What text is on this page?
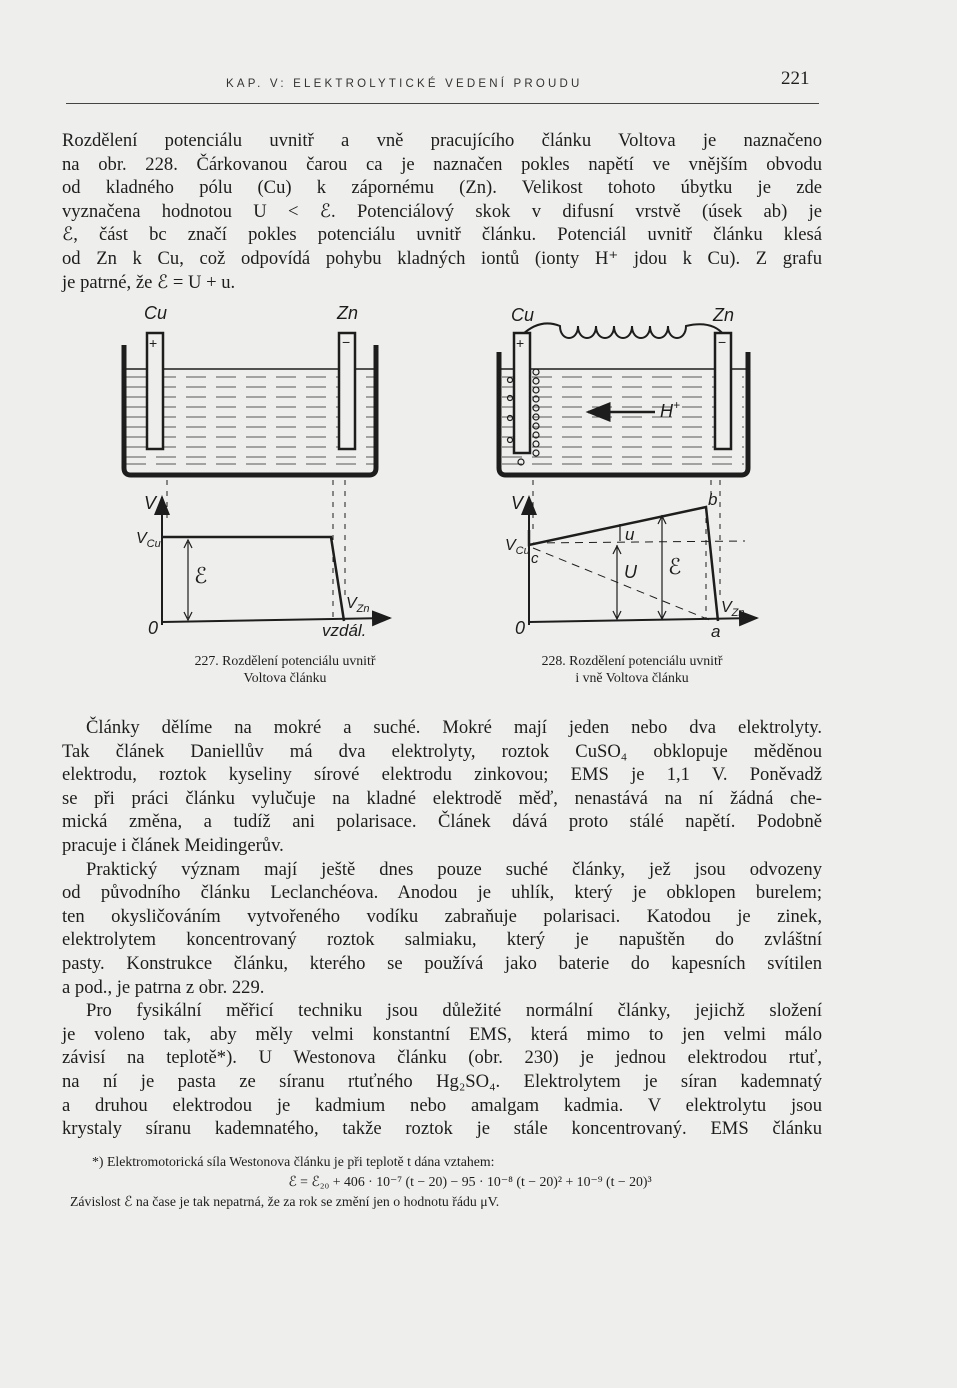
KAP. V: ELEKTROLYTICKÉ VEDENÍ PROUDU	221
Rozdělení potenciálu uvnitř a vně pracujícího článku Voltova je naznačeno
na obr. 228. Čárkovanou čarou ca je naznačen pokles napětí ve vnějším obvodu
od kladného pólu (Cu) k zápornému (Zn). Velikost tohoto úbytku je zde
vyznačena hodnotou U < ℰ. Potenciálový skok v difusní vrstvě (úsek ab) je
ℰ, část bc značí pokles potenciálu uvnitř článku. Potenciál uvnitř článku klesá
od Zn k Cu, což odpovídá pohybu kladných iontů (ionty H⁺ jdou k Cu). Z grafu
je patrné, že ℰ = U + u.
Cu	Zn
+	−
V
$V_{Cu}$
ℰ
$V_{Zn}$
0	vzdál.
Cu	Zn
+	−
H+
V	b
$V_{Cu}$ c
u
U ℰ
$V_{Zn}$
0	a
227. Rozdělení potenciálu uvnitř
Voltova článku
228. Rozdělení potenciálu uvnitř
i vně Voltova článku
Články dělíme na mokré a suché. Mokré mají jeden nebo dva elektrolyty.
Tak článek Daniellův má dva elektrolyty, roztok CuSO₄ obklopuje měděnou
elektrodu, roztok kyseliny sírové elektrodu zinkovou; EMS je 1,1 V. Poněvadž
se při práci článku vylučuje na kladné elektrodě měď, nenastává na ní žádná che-
mická změna, a tudíž ani polarisace. Článek dává proto stálé napětí. Podobně
pracuje i článek Meidingerův.
Praktický význam mají ještě dnes pouze suché články, jež jsou odvozeny
od původního článku Leclanchéova. Anodou je uhlík, který je obklopen burelem;
ten okysličováním vytvořeného vodíku zabraňuje polarisaci. Katodou je zinek,
elektrolytem koncentrovaný roztok salmiaku, který je napuštěn do zvláštní
pasty. Konstrukce článku, kterého se používá jako baterie do kapesních svítilen
a pod., je patrna z obr. 229.
Pro fysikální měřicí techniku jsou důležité normální články, jejichž složení
je voleno tak, aby měly velmi konstantní EMS, která mimo to jen velmi málo
závisí na teplotě*). U Westonova článku (obr. 230) je jednou elektrodou rtuť,
na ní je pasta ze síranu rtuťného Hg₂SO₄. Elektrolytem je síran kademnatý
a druhou elektrodou je kadmium nebo amalgam kadmia. V elektrolytu jsou
krystaly síranu kademnatého, takže roztok je stále koncentrovaný. EMS článku
*) Elektromotorická síla Westonova článku je při teplotě t dána vztahem:
ℰ = ℰ₂₀ + 406 · 10⁻⁷ (t − 20) − 95 · 10⁻⁸ (t − 20)² + 10⁻⁹ (t − 20)³
Závislost ℰ na čase je tak nepatrná, že za rok se změní jen o hodnotu řádu μV.
